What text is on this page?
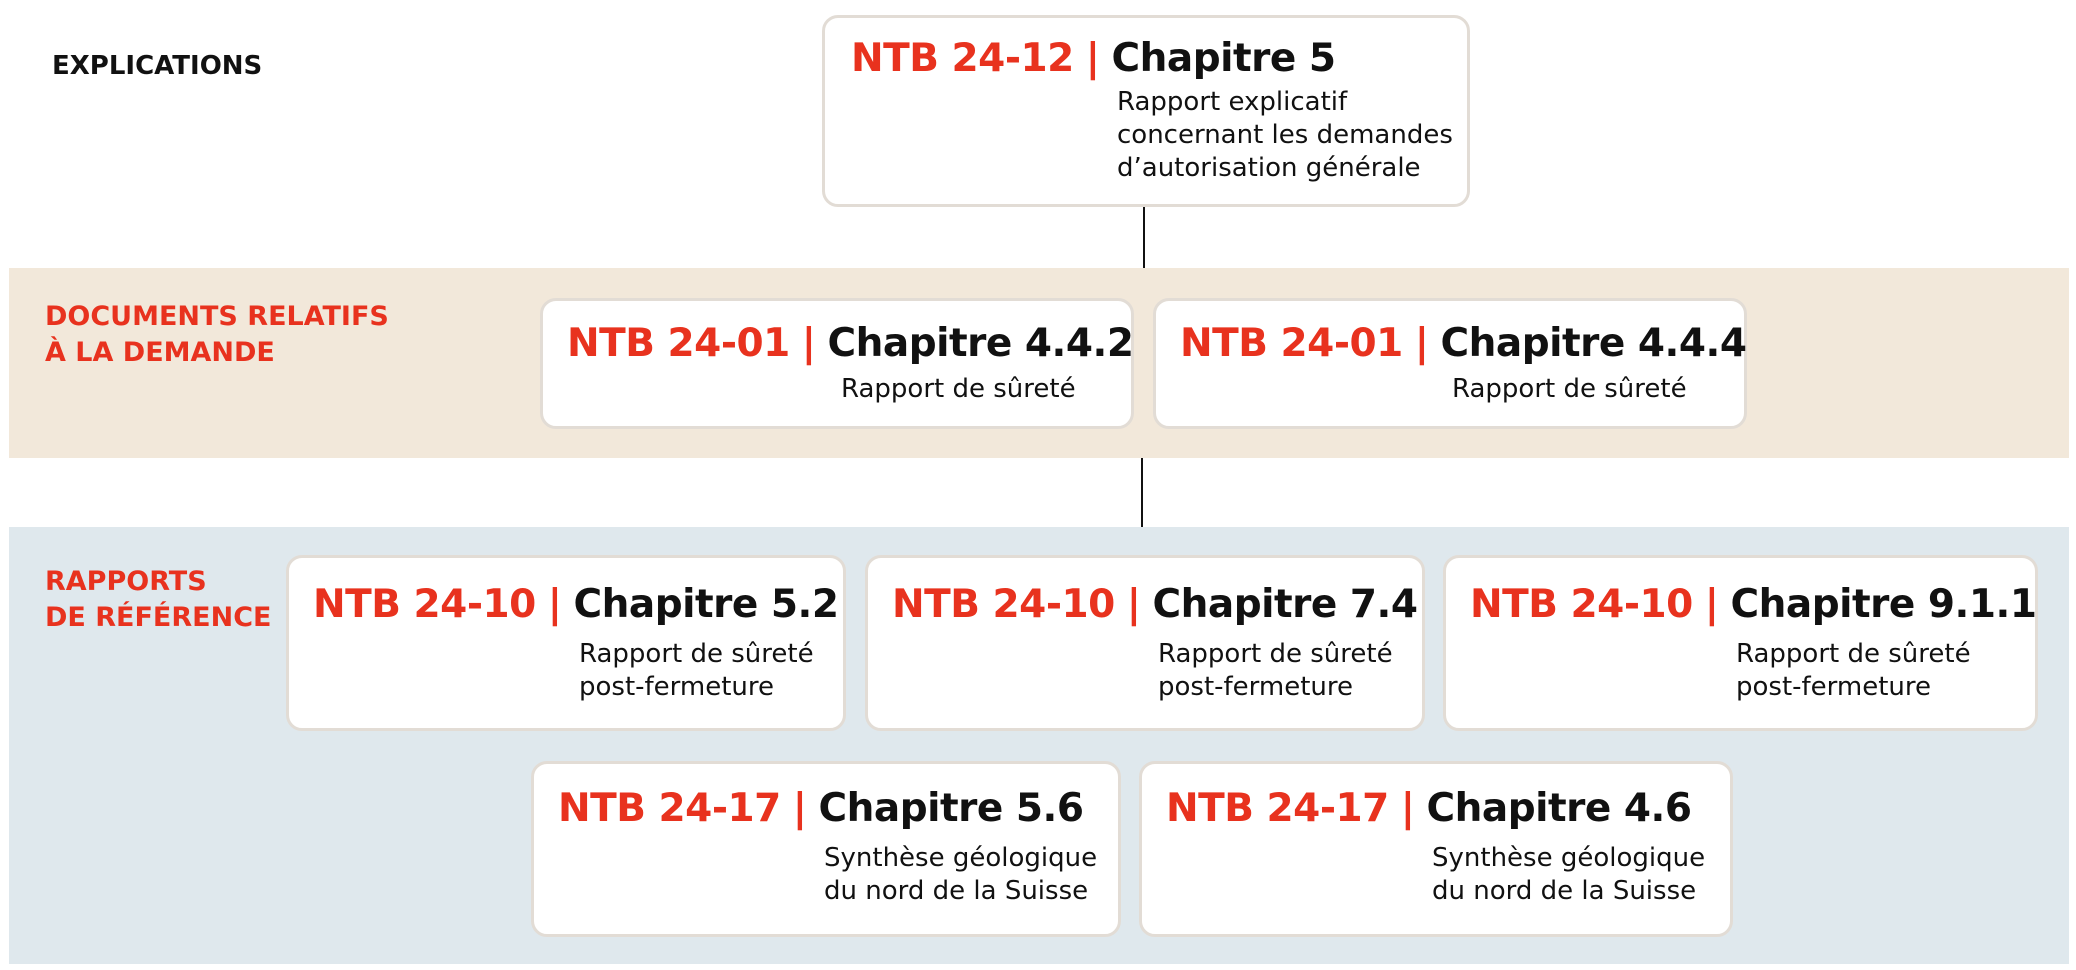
EXPLICATIONS

DOCUMENTS RELATIFS
À LA DEMANDE

RAPPORTS
DE RÉFÉRENCE

NTB 24-12 | Chapitre 5
Rapport explicatif
concernant les demandes
d’autorisation générale
NTB 24-01 | Chapitre 4.4.2
Rapport de sûreté
NTB 24-01 | Chapitre 4.4.4
Rapport de sûreté
NTB 24-10 | Chapitre 5.2
Rapport de sûreté
post-fermeture
NTB 24-10 | Chapitre 7.4
Rapport de sûreté
post-fermeture
NTB 24-10 | Chapitre 9.1.1
Rapport de sûreté
post-fermeture
NTB 24-17 | Chapitre 5.6
Synthèse géologique
du nord de la Suisse
NTB 24-17 | Chapitre 4.6
Synthèse géologique
du nord de la Suisse
